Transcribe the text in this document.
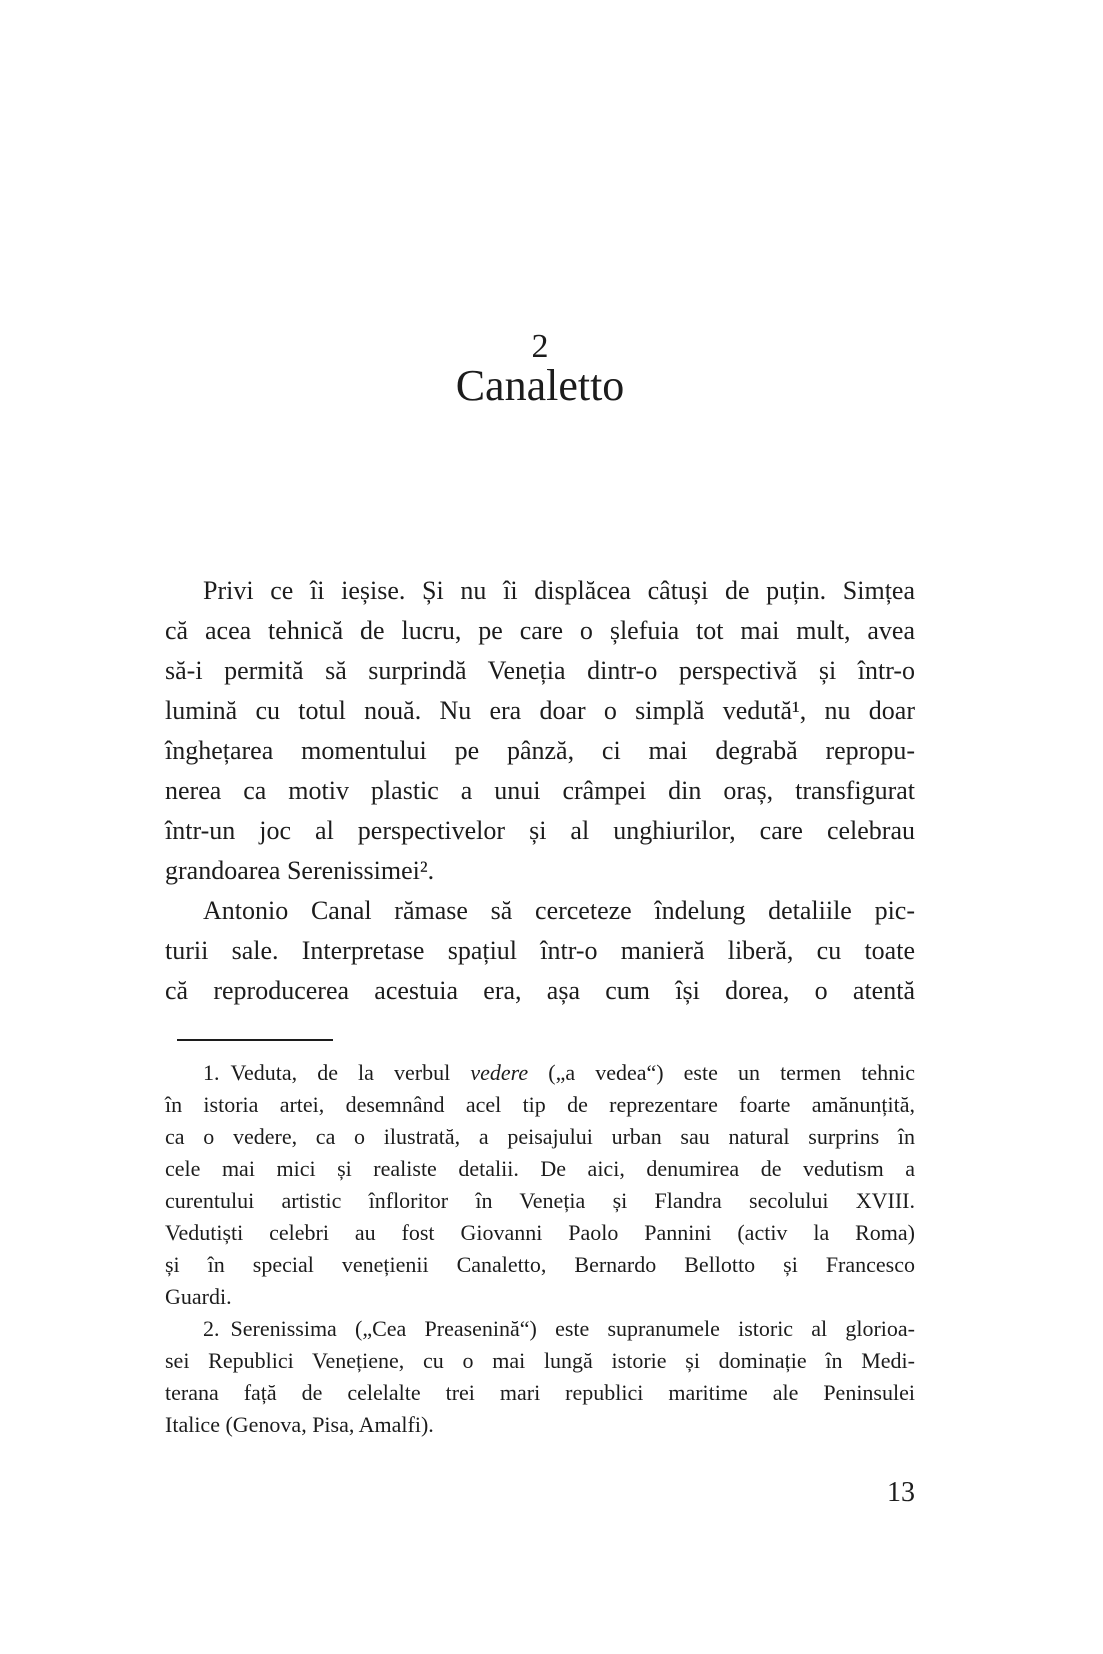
2
Canaletto
Privi ce îi ieșise. Și nu îi displăcea câtuși de puțin. Simțea
că acea tehnică de lucru, pe care o șlefuia tot mai mult, avea
să-i permită să surprindă Veneția dintr-o perspectivă și într-o
lumină cu totul nouă. Nu era doar o simplă vedută¹, nu doar
înghețarea momentului pe pânză, ci mai degrabă repropu-
nerea ca motiv plastic a unui crâmpei din oraș, transfigurat
într-un joc al perspectivelor și al unghiurilor, care celebrau
grandoarea Serenissimei².
Antonio Canal rămase să cerceteze îndelung detaliile pic-
turii sale. Interpretase spațiul într-o manieră liberă, cu toate
că reproducerea acestuia era, așa cum își dorea, o atentă
1. Veduta, de la verbul vedere („a vedea“) este un termen tehnic
în istoria artei, desemnând acel tip de reprezentare foarte amănunțită,
ca o vedere, ca o ilustrată, a peisajului urban sau natural surprins în
cele mai mici și realiste detalii. De aici, denumirea de vedutism a
curentului artistic înfloritor în Veneția și Flandra secolului XVIII.
Vedutiști celebri au fost Giovanni Paolo Pannini (activ la Roma)
și în special venețienii Canaletto, Bernardo Bellotto și Francesco
Guardi.
2. Serenissima („Cea Preasenină“) este supranumele istoric al glorioa-
sei Republici Venețiene, cu o mai lungă istorie și dominație în Medi-
terana față de celelalte trei mari republici maritime ale Peninsulei
Italice (Genova, Pisa, Amalfi).
13
